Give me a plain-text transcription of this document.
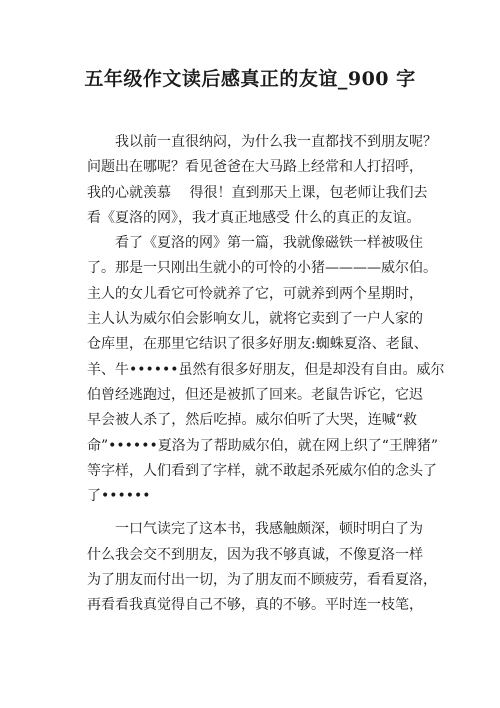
五年级作文读后感真正的友谊_900 字
　　我以前一直很纳闷，为什么我一直都找不到朋友呢？
问题出在哪呢？看见爸爸在大马路上经常和人打招呼，
我的心就羡慕　 得很！直到那天上课，包老师让我们去
看《夏洛的网》，我才真正地感受 什么的真正的友谊。
　　看了《夏洛的网》第一篇，我就像磁铁一样被吸住
了。那是一只刚出生就小的可怜的小猪————威尔伯。
主人的女儿看它可怜就养了它，可就养到两个星期时，
主人认为威尔伯会影响女儿，就将它卖到了一户人家的
仓库里，在那里它结识了很多好朋友:蜘蛛夏洛、老鼠、
羊、牛••••••虽然有很多好朋友，但是却没有自由。威尔
伯曾经逃跑过，但还是被抓了回来。老鼠告诉它，它迟
早会被人杀了，然后吃掉。威尔伯听了大哭，连喊“救
命”••••••夏洛为了帮助威尔伯，就在网上织了“王牌猪”
等字样，人们看到了字样，就不敢起杀死威尔伯的念头了
了••••••
　　一口气读完了这本书，我感触颇深，顿时明白了为
什么我会交不到朋友，因为我不够真诚，不像夏洛一样
为了朋友而付出一切，为了朋友而不顾疲劳，看看夏洛，
再看看我真觉得自己不够，真的不够。平时连一枝笔，
